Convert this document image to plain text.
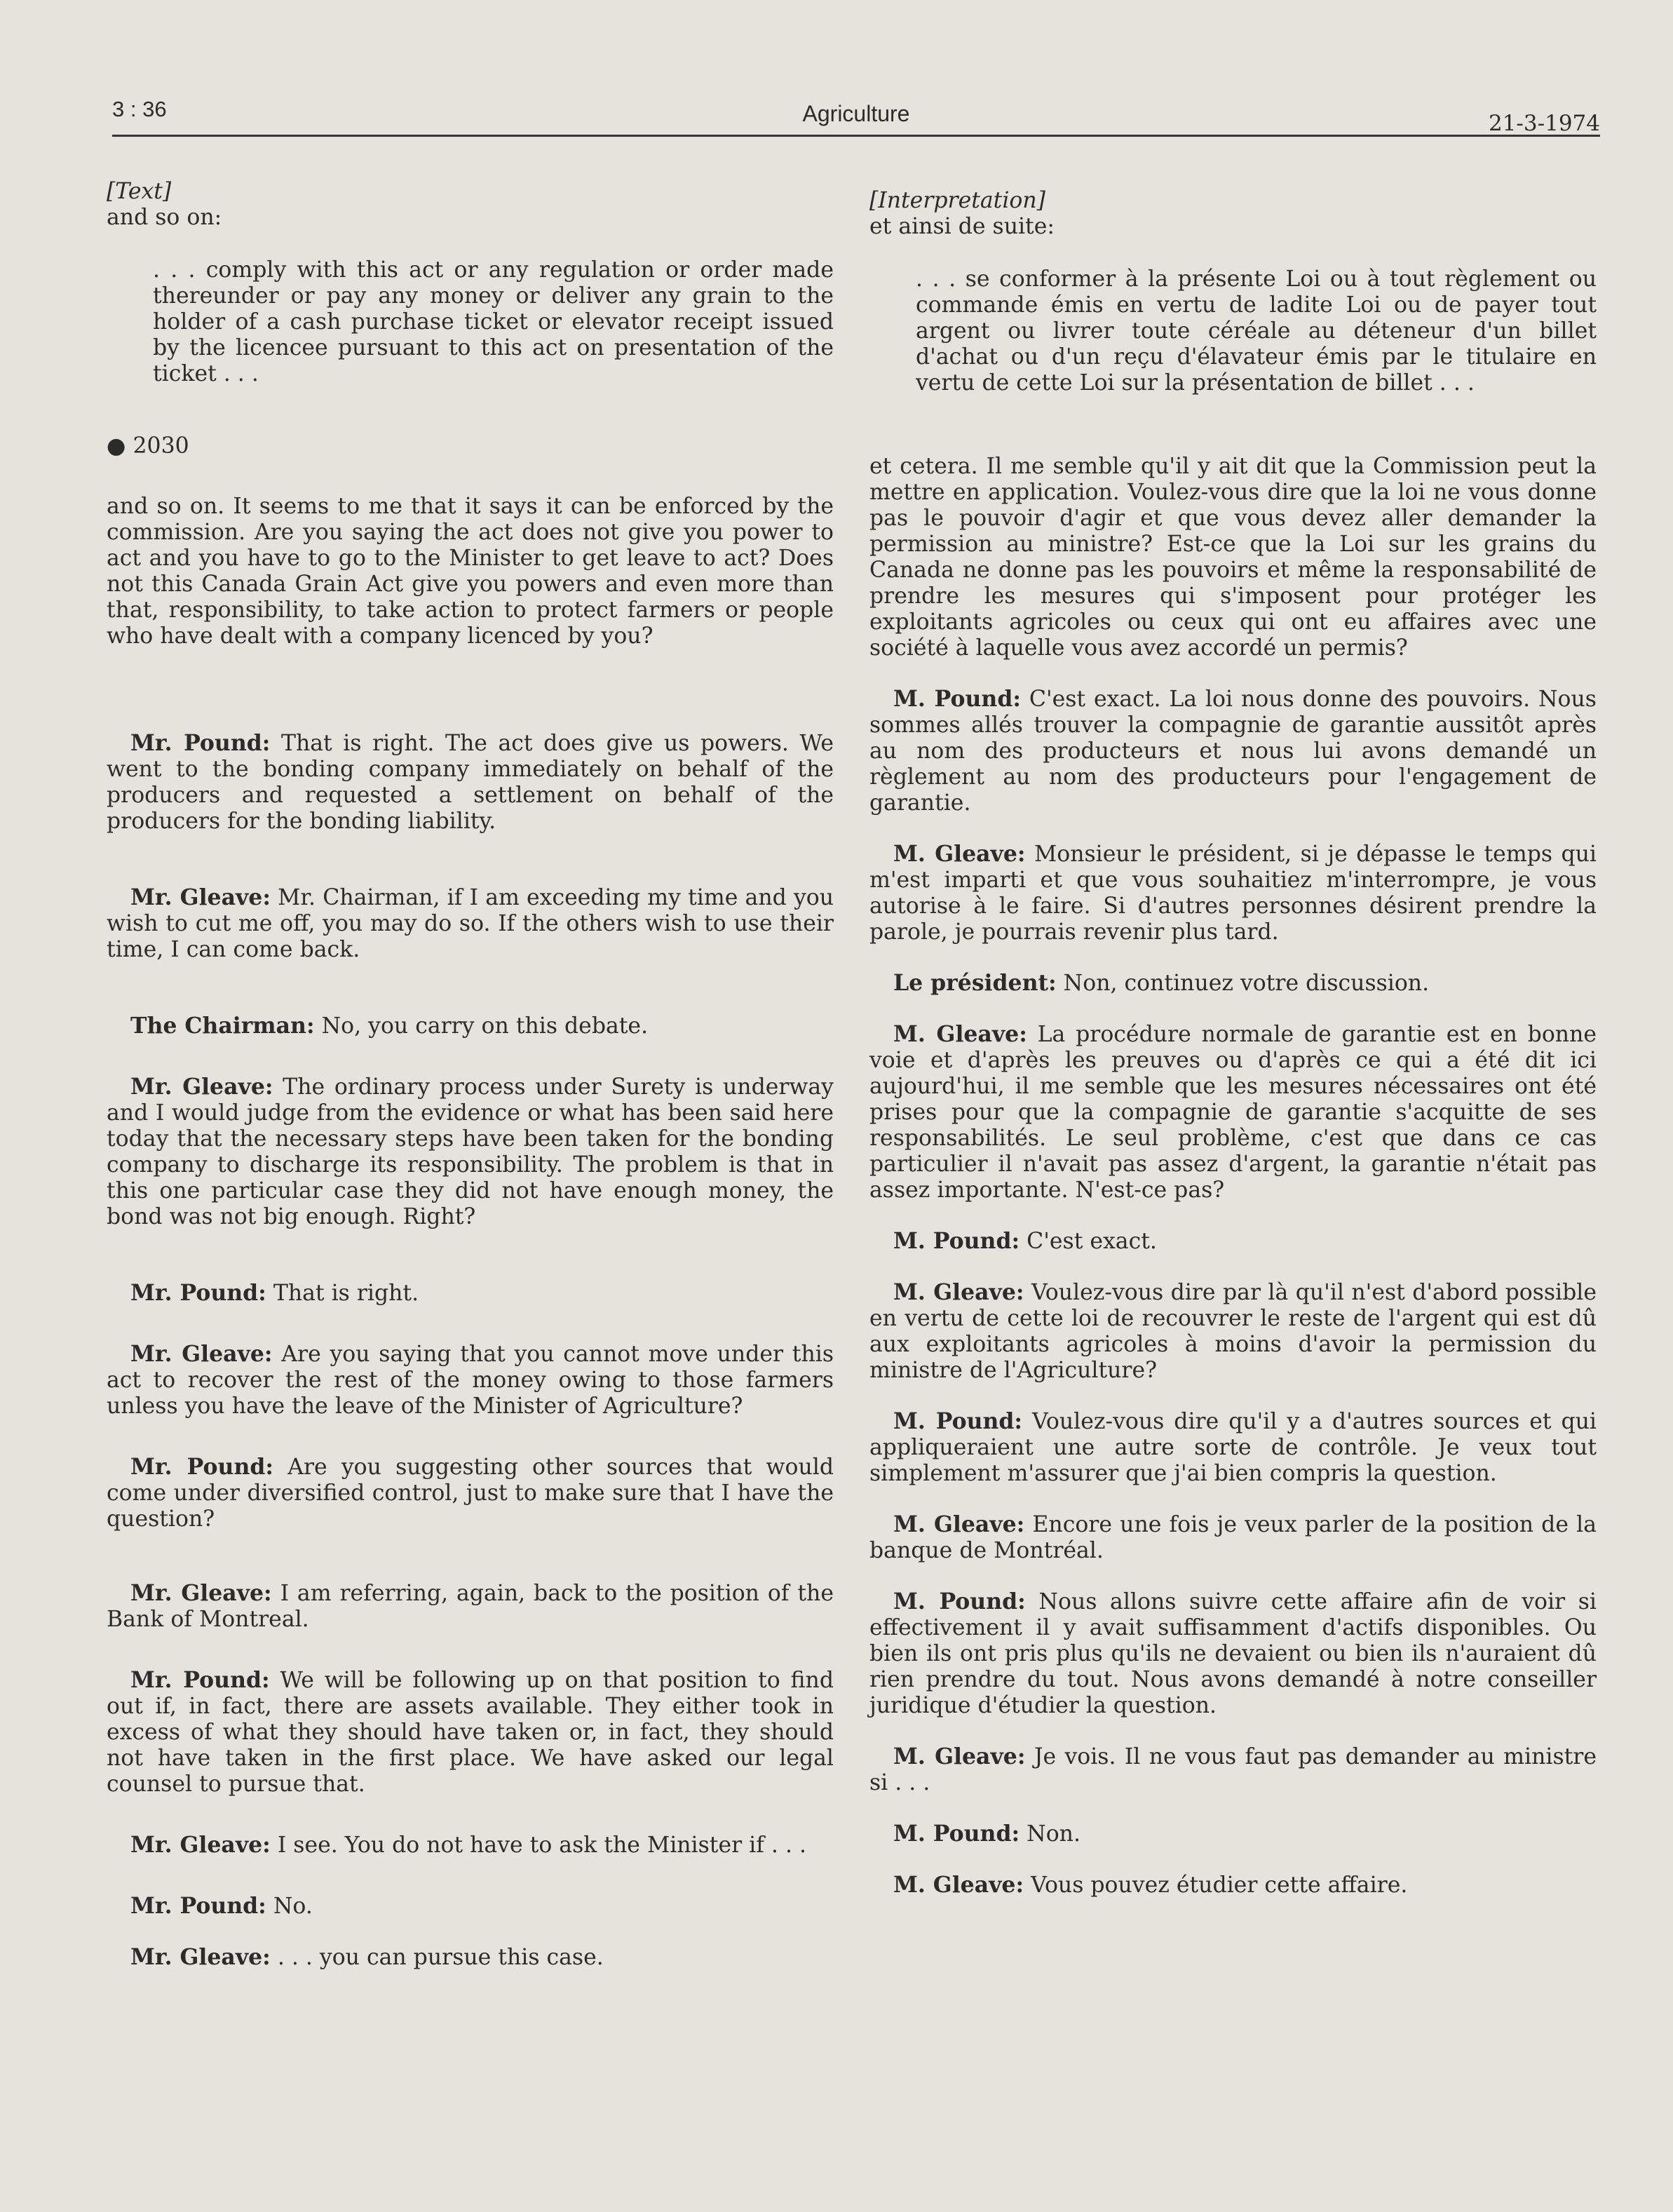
3 : 36	Agriculture	21-3-1974

[Text]

and so on:

. . . comply with this act or any regulation or order made thereunder or pay any money or deliver any grain to the holder of a cash purchase ticket or elevator receipt issued by the licencee pursuant to this act on presentation of the ticket . . .

● 2030

and so on. It seems to me that it says it can be enforced by the commission. Are you saying the act does not give you power to act and you have to go to the Minister to get leave to act? Does not this Canada Grain Act give you powers and even more than that, responsibility, to take action to protect farmers or people who have dealt with a company licenced by you?

Mr. Pound: That is right. The act does give us powers. We went to the bonding company immediately on behalf of the producers and requested a settlement on behalf of the producers for the bonding liability.

Mr. Gleave: Mr. Chairman, if I am exceeding my time and you wish to cut me off, you may do so. If the others wish to use their time, I can come back.

The Chairman: No, you carry on this debate.

Mr. Gleave: The ordinary process under Surety is underway and I would judge from the evidence or what has been said here today that the necessary steps have been taken for the bonding company to discharge its responsibility. The problem is that in this one particular case they did not have enough money, the bond was not big enough. Right?

Mr. Pound: That is right.

Mr. Gleave: Are you saying that you cannot move under this act to recover the rest of the money owing to those farmers unless you have the leave of the Minister of Agriculture?

Mr. Pound: Are you suggesting other sources that would come under diversified control, just to make sure that I have the question?

Mr. Gleave: I am referring, again, back to the position of the Bank of Montreal.

Mr. Pound: We will be following up on that position to find out if, in fact, there are assets available. They either took in excess of what they should have taken or, in fact, they should not have taken in the first place. We have asked our legal counsel to pursue that.

Mr. Gleave: I see. You do not have to ask the Minister if . . .

Mr. Pound: No.

Mr. Gleave: . . . you can pursue this case.

[Interpretation]

et ainsi de suite:

. . . se conformer à la présente Loi ou à tout règlement ou commande émis en vertu de ladite Loi ou de payer tout argent ou livrer toute céréale au déteneur d'un billet d'achat ou d'un reçu d'élavateur émis par le titulaire en vertu de cette Loi sur la présentation de billet . . .

et cetera. Il me semble qu'il y ait dit que la Commission peut la mettre en application. Voulez-vous dire que la loi ne vous donne pas le pouvoir d'agir et que vous devez aller demander la permission au ministre? Est-ce que la Loi sur les grains du Canada ne donne pas les pouvoirs et même la responsabilité de prendre les mesures qui s'imposent pour protéger les exploitants agricoles ou ceux qui ont eu affaires avec une société à laquelle vous avez accordé un permis?

M. Pound: C'est exact. La loi nous donne des pouvoirs. Nous sommes allés trouver la compagnie de garantie aussitôt après au nom des producteurs et nous lui avons demandé un règlement au nom des producteurs pour l'engagement de garantie.

M. Gleave: Monsieur le président, si je dépasse le temps qui m'est imparti et que vous souhaitiez m'interrompre, je vous autorise à le faire. Si d'autres personnes désirent prendre la parole, je pourrais revenir plus tard.

Le président: Non, continuez votre discussion.

M. Gleave: La procédure normale de garantie est en bonne voie et d'après les preuves ou d'après ce qui a été dit ici aujourd'hui, il me semble que les mesures nécessaires ont été prises pour que la compagnie de garantie s'acquitte de ses responsabilités. Le seul problème, c'est que dans ce cas particulier il n'avait pas assez d'argent, la garantie n'était pas assez importante. N'est-ce pas?

M. Pound: C'est exact.

M. Gleave: Voulez-vous dire par là qu'il n'est d'abord possible en vertu de cette loi de recouvrer le reste de l'argent qui est dû aux exploitants agricoles à moins d'avoir la permission du ministre de l'Agriculture?

M. Pound: Voulez-vous dire qu'il y a d'autres sources et qui appliqueraient une autre sorte de contrôle. Je veux tout simplement m'assurer que j'ai bien compris la question.

M. Gleave: Encore une fois je veux parler de la position de la banque de Montréal.

M. Pound: Nous allons suivre cette affaire afin de voir si effectivement il y avait suffisamment d'actifs disponibles. Ou bien ils ont pris plus qu'ils ne devaient ou bien ils n'auraient dû rien prendre du tout. Nous avons demandé à notre conseiller juridique d'étudier la question.

M. Gleave: Je vois. Il ne vous faut pas demander au ministre si . . .

M. Pound: Non.

M. Gleave: Vous pouvez étudier cette affaire.
